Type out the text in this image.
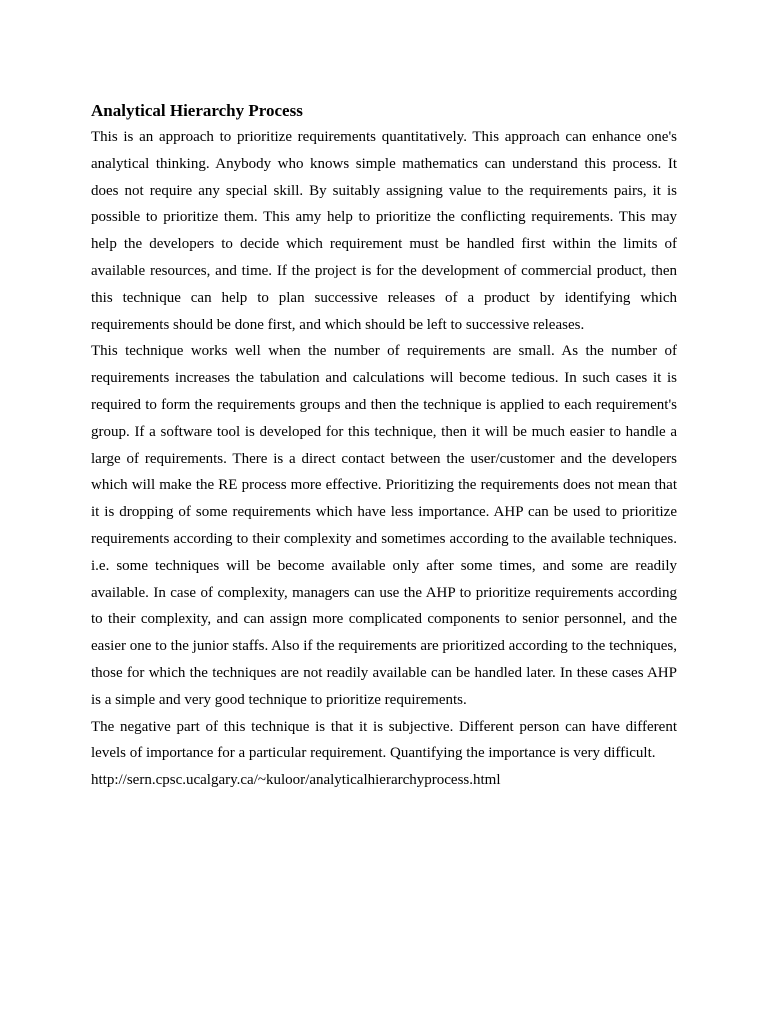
Analytical Hierarchy Process

This is an approach to prioritize requirements quantitatively. This approach can enhance one's analytical thinking. Anybody who knows simple mathematics can understand this process. It does not require any special skill. By suitably assigning value to the requirements pairs, it is possible to prioritize them. This amy help to prioritize the conflicting requirements. This may help the developers to decide which requirement must be handled first within the limits of available resources, and time. If the project is for the development of commercial product, then this technique can help to plan successive releases of a product by identifying which requirements should be done first, and which should be left to successive releases.

This technique works well when the number of requirements are small. As the number of requirements increases the tabulation and calculations will become tedious. In such cases it is required to form the requirements groups and then the technique is applied to each requirement's group. If a software tool is developed for this technique, then it will be much easier to handle a large of requirements. There is a direct contact between the user/customer and the developers which will make the RE process more effective. Prioritizing the requirements does not mean that it is dropping of some requirements which have less importance. AHP can be used to prioritize requirements according to their complexity and sometimes according to the available techniques. i.e. some techniques will be become available only after some times, and some are readily available. In case of complexity, managers can use the AHP to prioritize requirements according to their complexity, and can assign more complicated components to senior personnel, and the easier one to the junior staffs. Also if the requirements are prioritized according to the techniques, those for which the techniques are not readily available can be handled later. In these cases AHP is a simple and very good technique to prioritize requirements.

The negative part of this technique is that it is subjective. Different person can have different levels of importance for a particular requirement. Quantifying the importance is very difficult.

http://sern.cpsc.ucalgary.ca/~kuloor/analyticalhierarchyprocess.html
